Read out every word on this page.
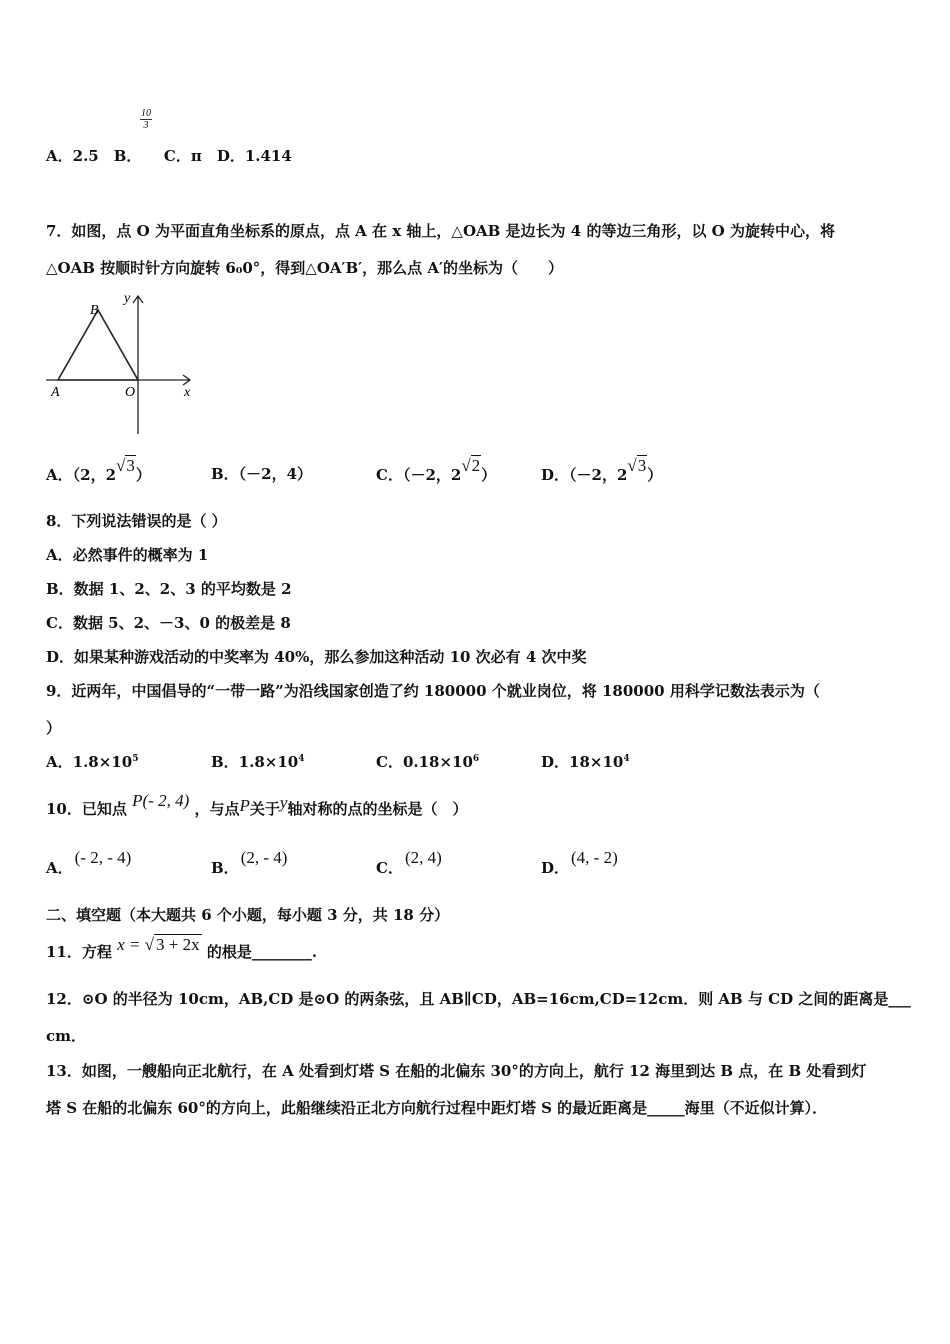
10
3
A．2.5　B．　　C．π　D．1.414
7．如图，点 O 为平面直角坐标系的原点，点 A 在 x 轴上，△OAB 是边长为 4 的等边三角形，以 O 为旋转中心，将
△OAB 按顺时针方向旋转 6₀0°，得到△OA′B′，那么点 A′的坐标为（　　）
B
y
A	O	x
A．（2，2√3）	B．（－2，4）	C．（－2，2√2）	D．（－2，2√3）
8．下列说法错误的是（ ）
A．必然事件的概率为 1
B．数据 1、2、2、3 的平均数是 2
C．数据 5、2、－3、0 的极差是 8
D．如果某种游戏活动的中奖率为 40%，那么参加这种活动 10 次必有 4 次中奖
9．近两年，中国倡导的“一带一路”为沿线国家创造了约 180000 个就业岗位，将 180000 用科学记数法表示为（
）
A．$1.8\times 10^5$	B．$1.8\times 10^4$	C．$0.18\times 10^6$	D．$18\times 10^4$
10．已知点 P(- 2, 4) ，与点P关于y轴对称的点的坐标是（　）
A．(- 2, - 4)
B．(2, - 4)
C．(2, 4)
D．(4, - 2)
二、填空题（本大题共 6 个小题，每小题 3 分，共 18 分）
11．方程 x = √ 3 + 2x 的根是________.
12．⊙O 的半径为 10cm，AB,CD 是⊙O 的两条弦，且 AB∥CD，AB=16cm,CD=12cm．则 AB 与 CD 之间的距离是___
cm．
13．如图，一艘船向正北航行，在 A 处看到灯塔 S 在船的北偏东 30°的方向上，航行 12 海里到达 B 点，在 B 处看到灯
塔 S 在船的北偏东 60°的方向上，此船继续沿正北方向航行过程中距灯塔 S 的最近距离是_____海里（不近似计算）．
